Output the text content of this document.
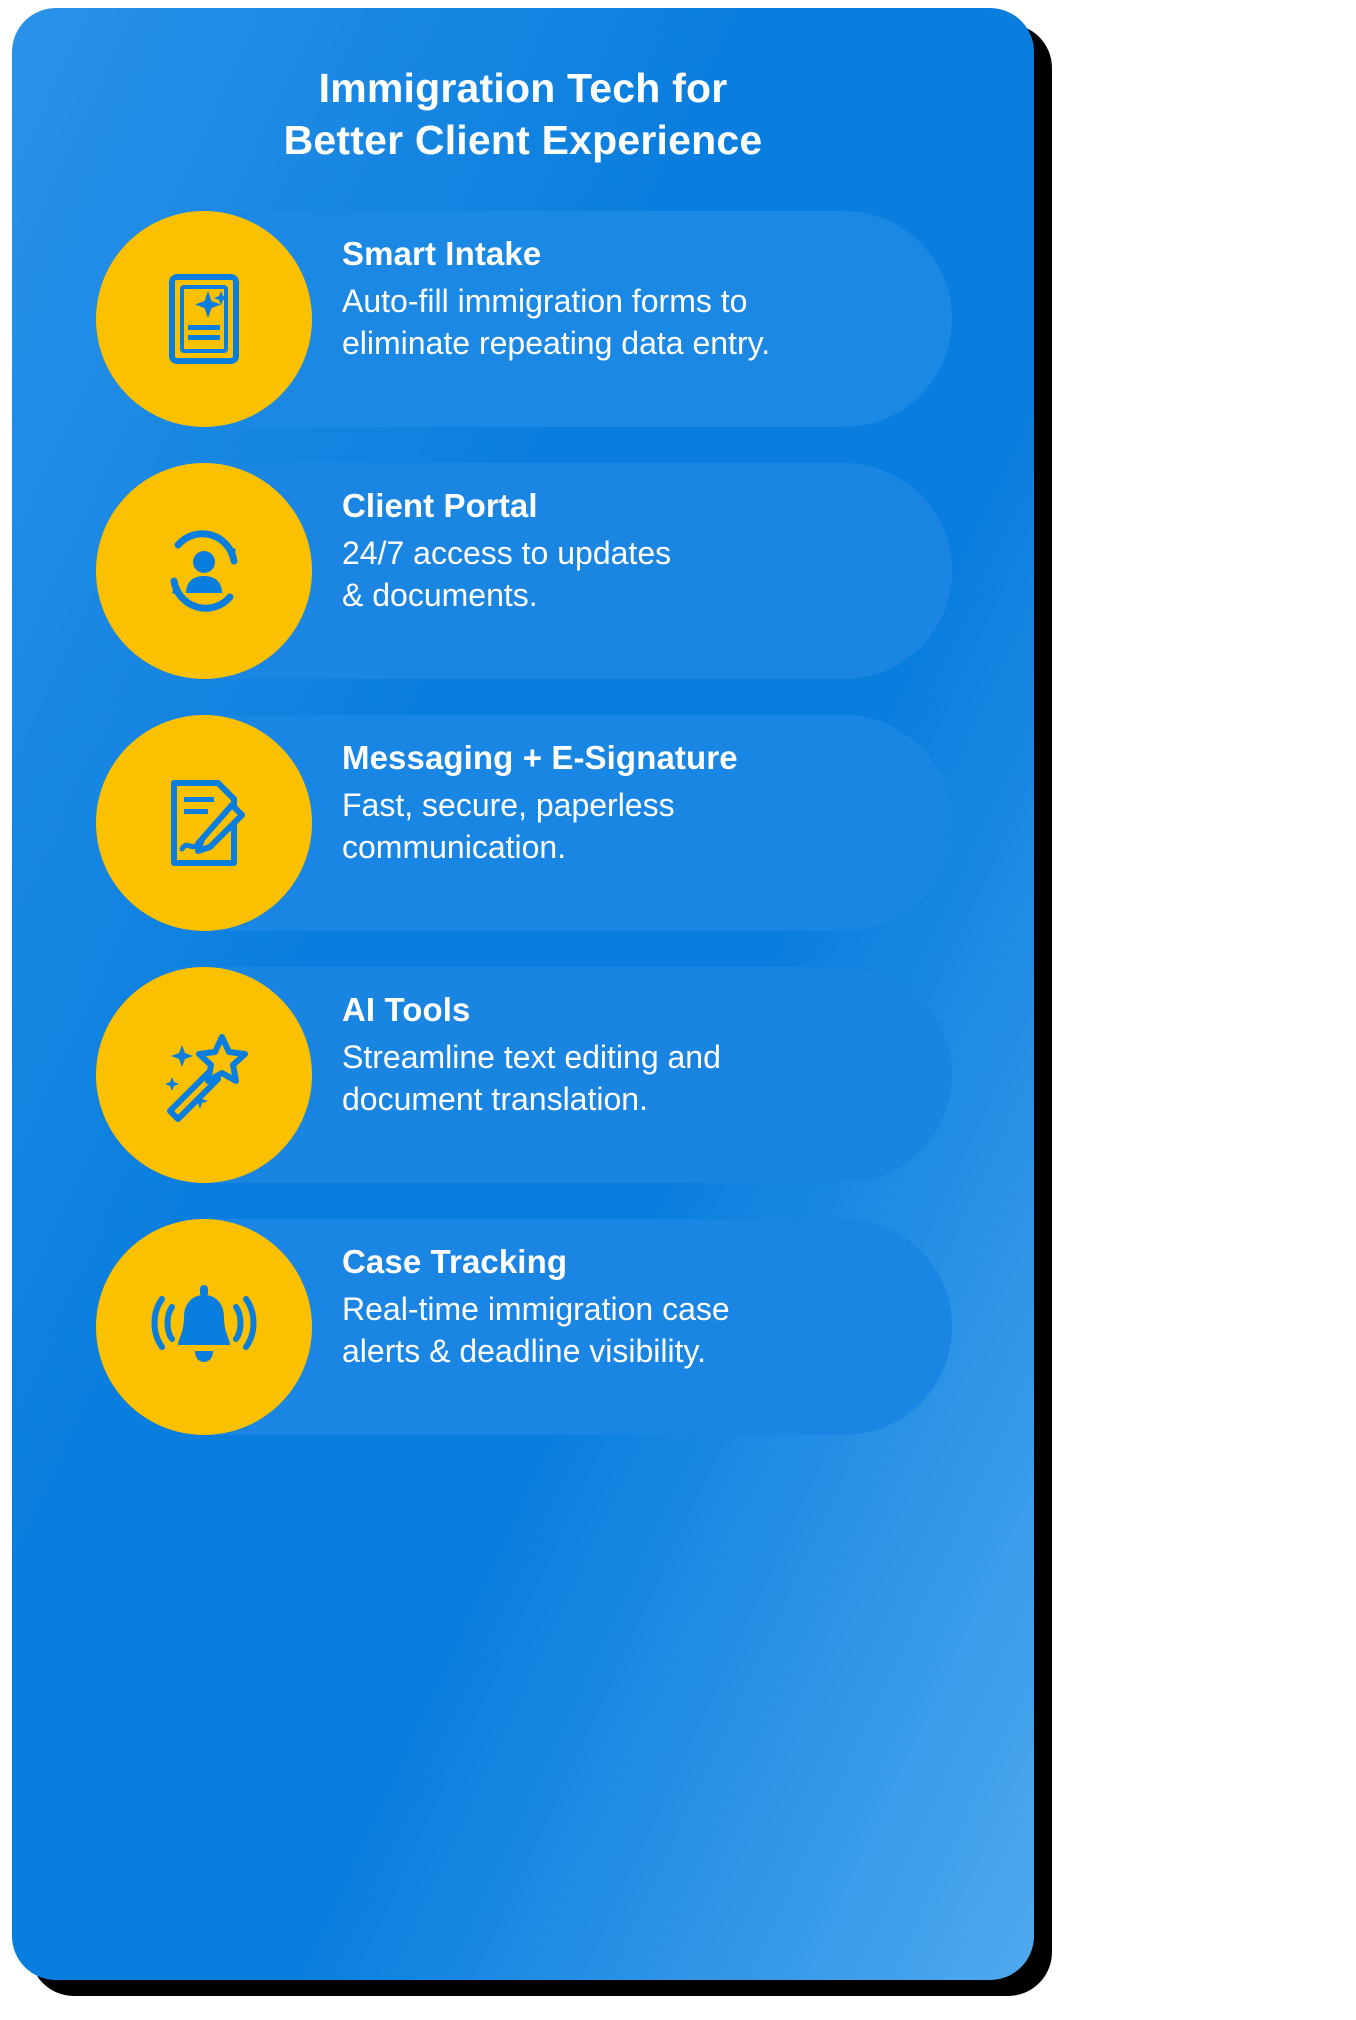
Immigration Tech for
Better Client Experience

Smart Intake

Auto-fill immigration forms to
eliminate repeating data entry.

Client Portal

24/7 access to updates
& documents.

Messaging + E-Signature

Fast, secure, paperless
communication.

AI Tools

Streamline text editing and
document translation.

Case Tracking

Real-time immigration case
alerts & deadline visibility.
